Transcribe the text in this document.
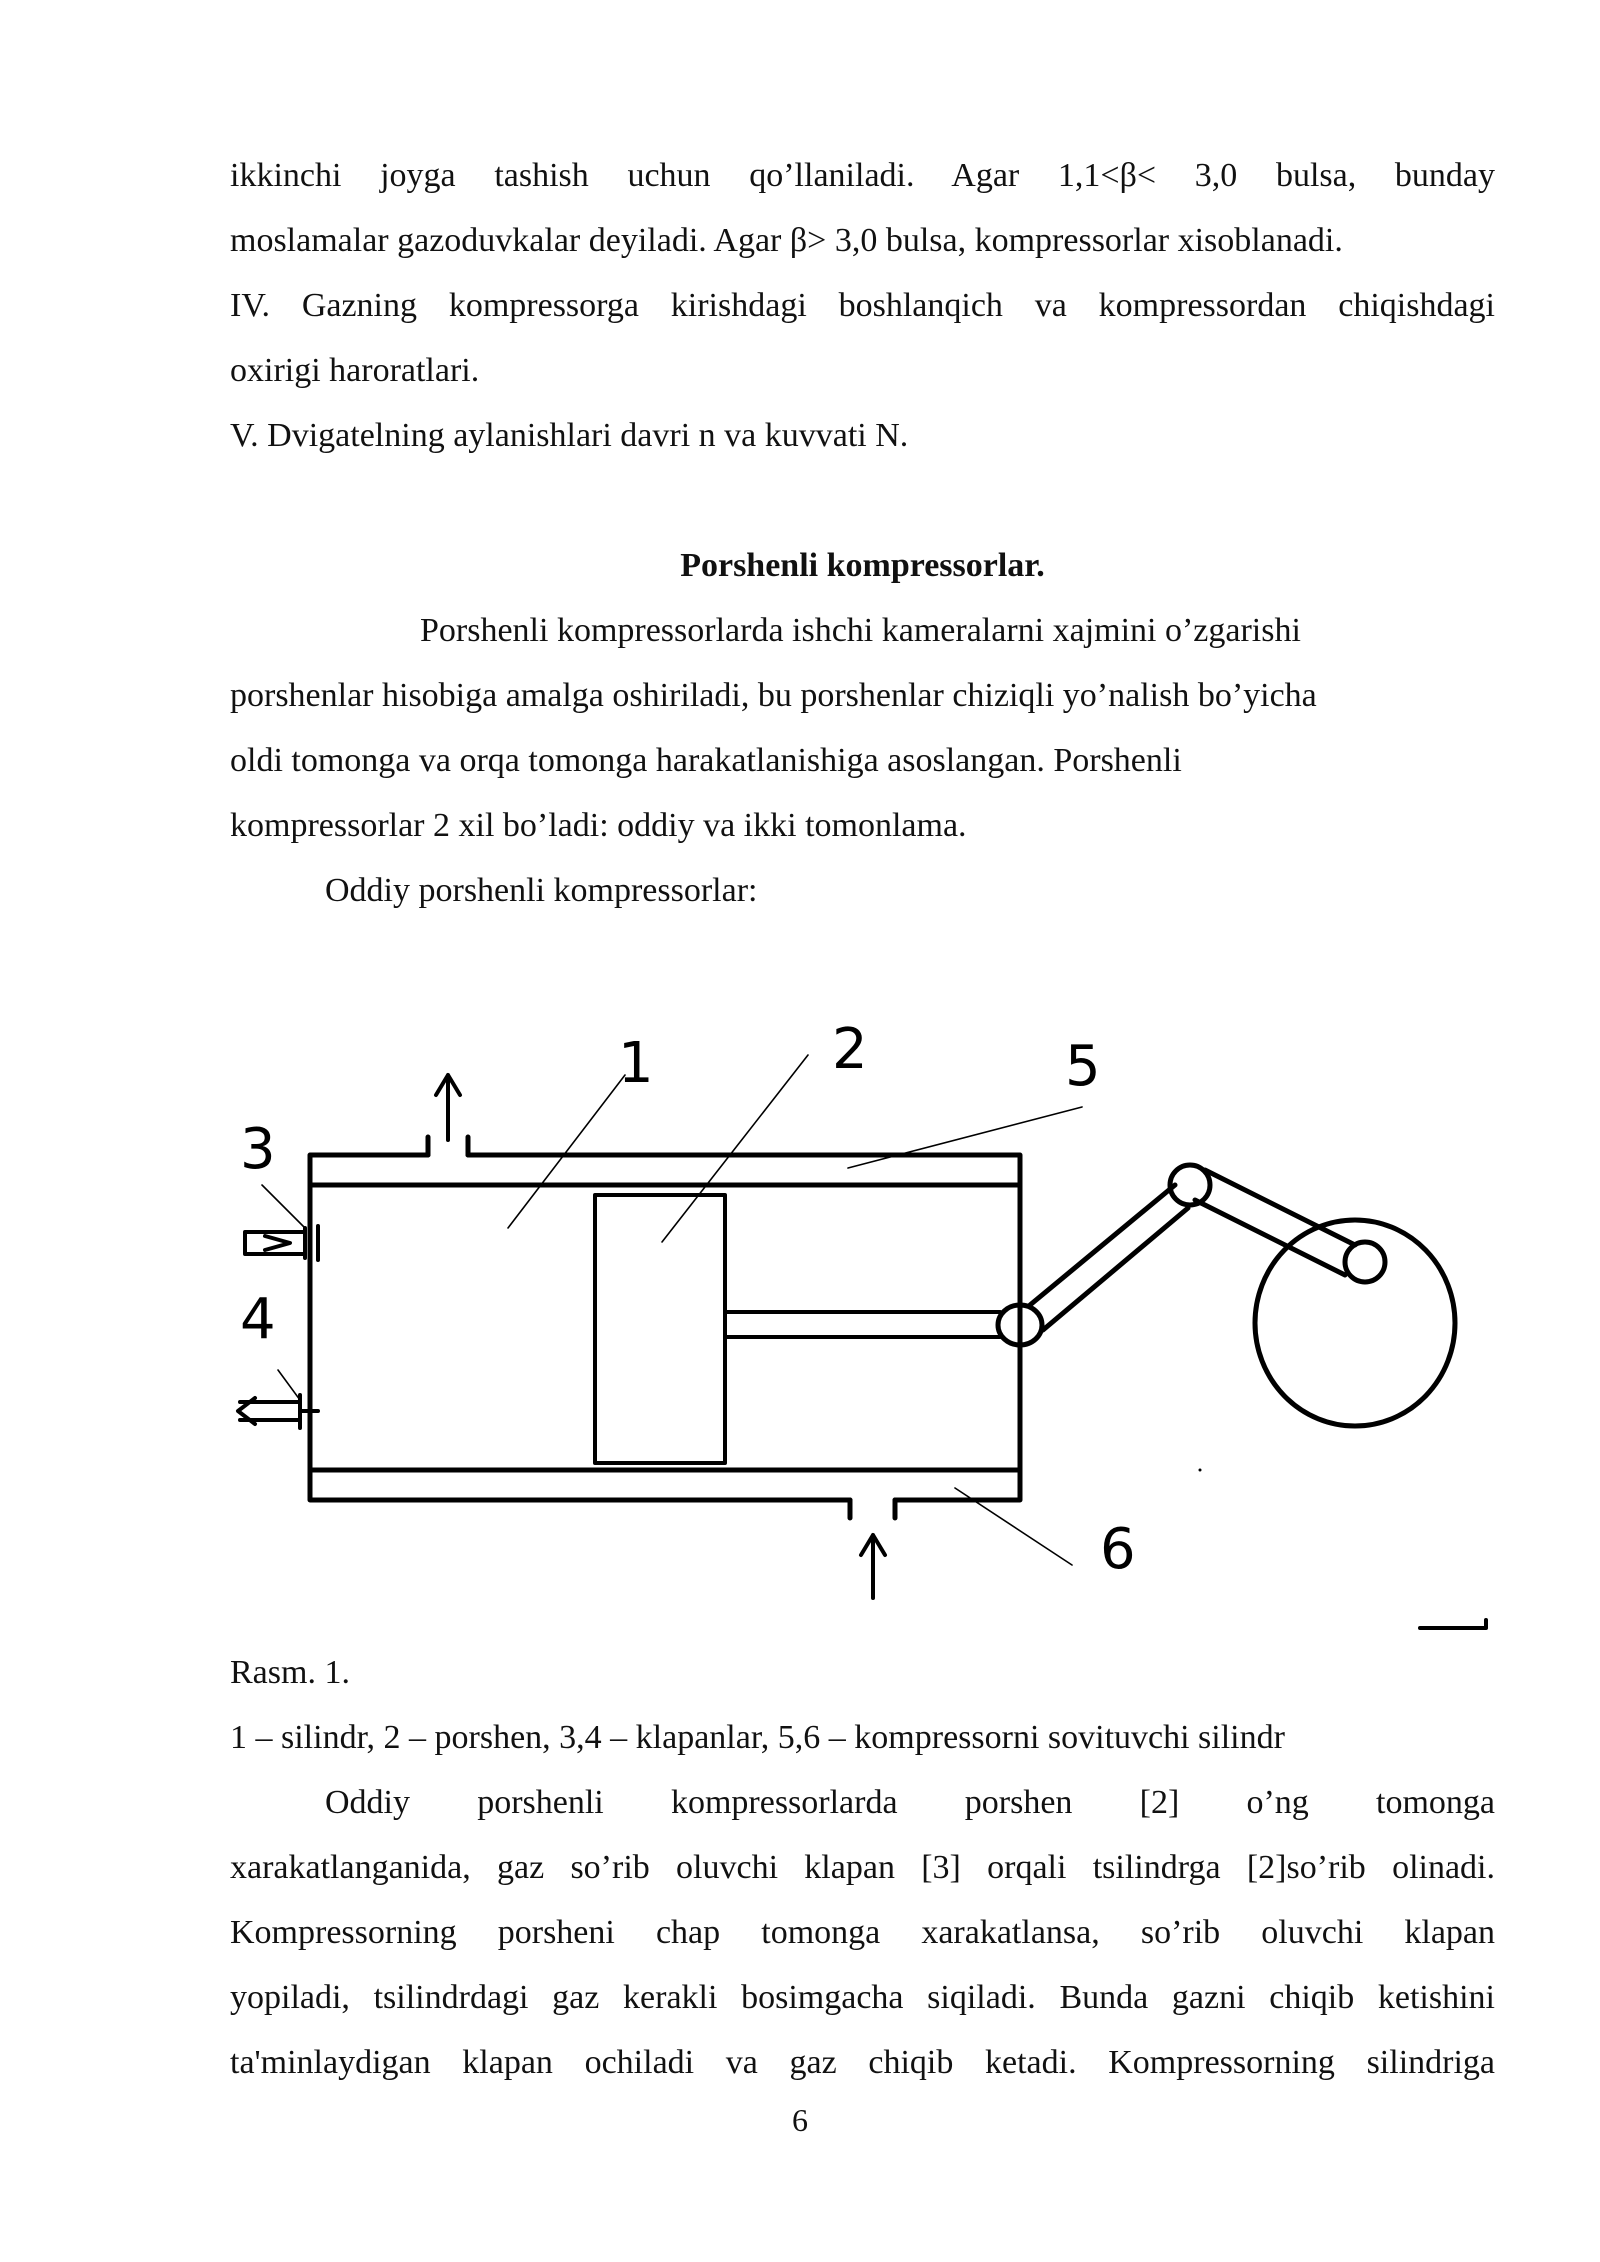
ikkinchi joyga tashish uchun qo’llaniladi. Agar 1,1<β< 3,0 bulsa, bunday
moslamalar gazoduvkalar deyiladi. Agar β> 3,0 bulsa, kompressorlar xisoblanadi.
IV. Gazning kompressorga kirishdagi boshlanqich va kompressordan chiqishdagi
oxirigi haroratlari.
V. Dvigatelning aylanishlari davri n va kuvvati N.
Porshenli kompressorlar.
Porshenli kompressorlarda ishchi kameralarni xajmini o’zgarishi
porshenlar hisobiga amalga oshiriladi, bu porshenlar chiziqli yo’nalish bo’yicha
oldi tomonga va orqa tomonga harakatlanishiga asoslangan. Porshenli
kompressorlar 2 xil bo’ladi: oddiy va ikki tomonlama.
Oddiy porshenli kompressorlar:
1	2	5
3
4
6
Rasm. 1.
1 – silindr, 2 – porshen, 3,4 – klapanlar, 5,6 – kompressorni sovituvchi silindr
Oddiy porshenli kompressorlarda porshen [2] o’ng tomonga
xarakatlanganida, gaz so’rib oluvchi klapan [3] orqali tsilindrga [2]so’rib olinadi.
Kompressorning porsheni chap tomonga xarakatlansa, so’rib oluvchi klapan
yopiladi, tsilindrdagi gaz kerakli bosimgacha siqiladi. Bunda gazni chiqib ketishini
ta'minlaydigan klapan ochiladi va gaz chiqib ketadi. Kompressorning silindriga
6
